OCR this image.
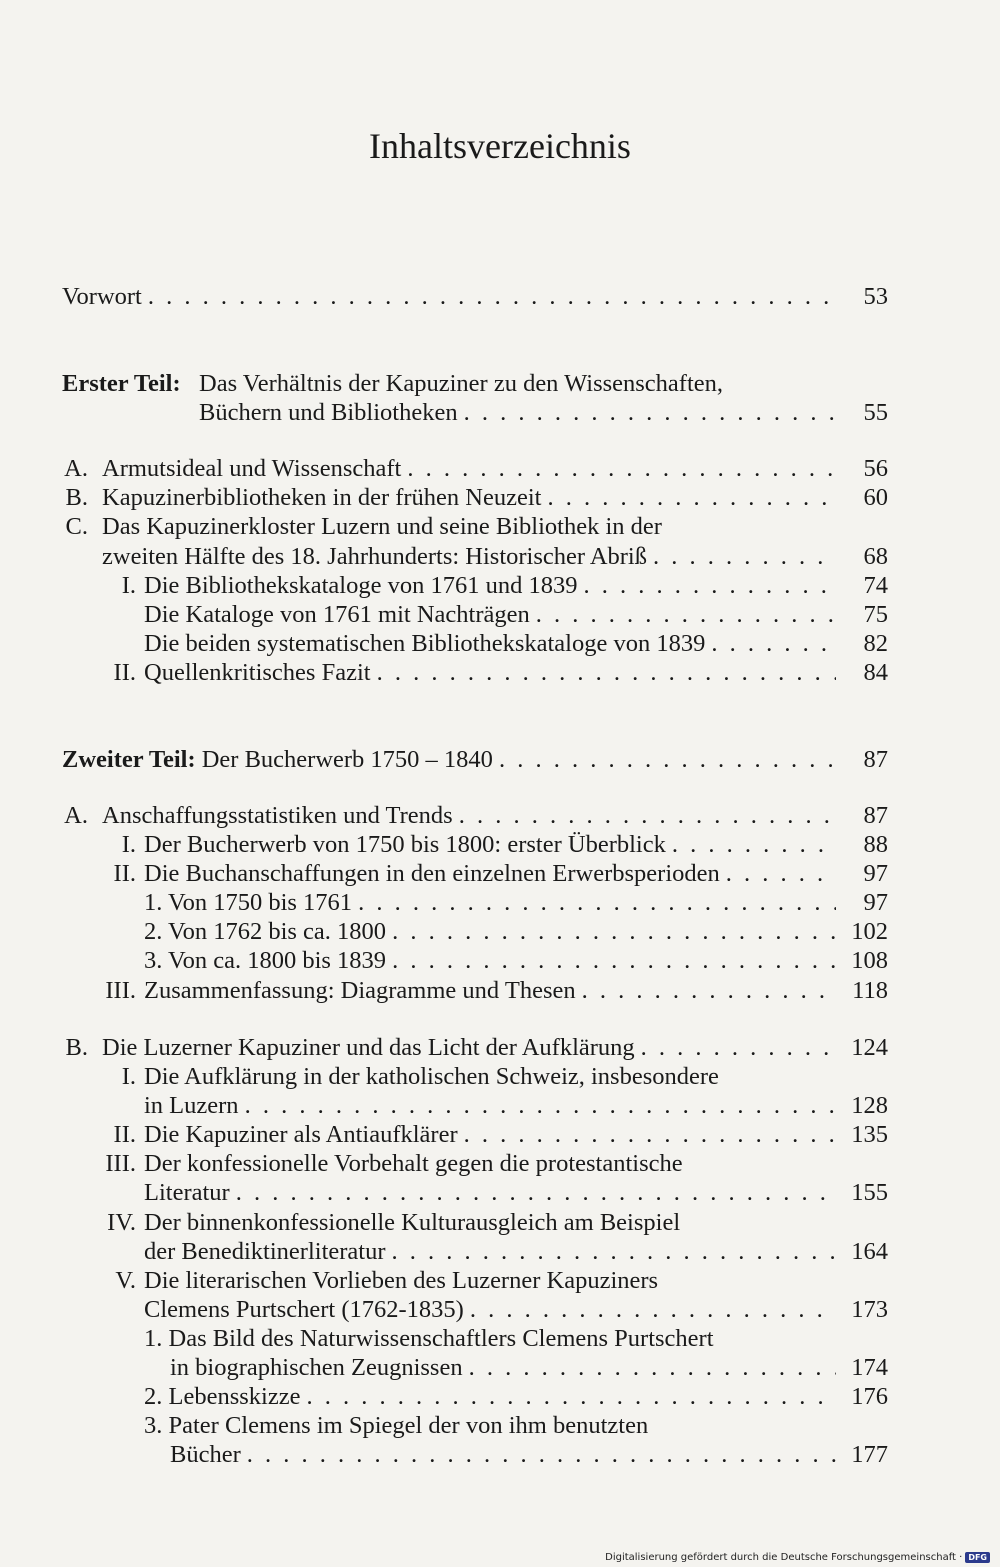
Inhaltsverzeichnis
Vorwort . . .	53
Erster Teil: Das Verhältnis der Kapuziner zu den Wissenschaften,
Büchern und Bibliotheken . . .	55
A. Armutsideal und Wissenschaft . . .	56
B. Kapuzinerbibliotheken in der frühen Neuzeit . . .	60
C. Das Kapuzinerkloster Luzern und seine Bibliothek in der
zweiten Hälfte des 18. Jahrhunderts: Historischer Abriß . . .	68
I. Die Bibliothekskataloge von 1761 und 1839 . . .	74
Die Kataloge von 1761 mit Nachträgen . . .	75
Die beiden systematischen Bibliothekskataloge von 1839 . . .	82
II. Quellenkritisches Fazit . . .	84
Zweiter Teil: Der Bucherwerb 1750 – 1840 . . .	87
A. Anschaffungsstatistiken und Trends . . .	87
I. Der Bucherwerb von 1750 bis 1800: erster Überblick . . .	88
II. Die Buchanschaffungen in den einzelnen Erwerbsperioden . . .	97
1. Von 1750 bis 1761 . . .	97
2. Von 1762 bis ca. 1800 . . .	102
3. Von ca. 1800 bis 1839 . . .	108
III. Zusammenfassung: Diagramme und Thesen . . .	118
B. Die Luzerner Kapuziner und das Licht der Aufklärung . . .	124
I. Die Aufklärung in der katholischen Schweiz, insbesondere
in Luzern . . .	128
II. Die Kapuziner als Antiaufklärer . . .	135
III. Der konfessionelle Vorbehalt gegen die protestantische
Literatur . . .	155
IV. Der binnenkonfessionelle Kulturausgleich am Beispiel
der Benediktinerliteratur . . .	164
V. Die literarischen Vorlieben des Luzerner Kapuziners
Clemens Purtschert (1762-1835) . . .	173
1. Das Bild des Naturwissenschaftlers Clemens Purtschert
in biographischen Zeugnissen . . .	174
2. Lebensskizze . . .	176
3. Pater Clemens im Spiegel der von ihm benutzten
Bücher . . .	177
Digitalisierung gefördert durch die Deutsche Forschungsgemeinschaft · DFG
